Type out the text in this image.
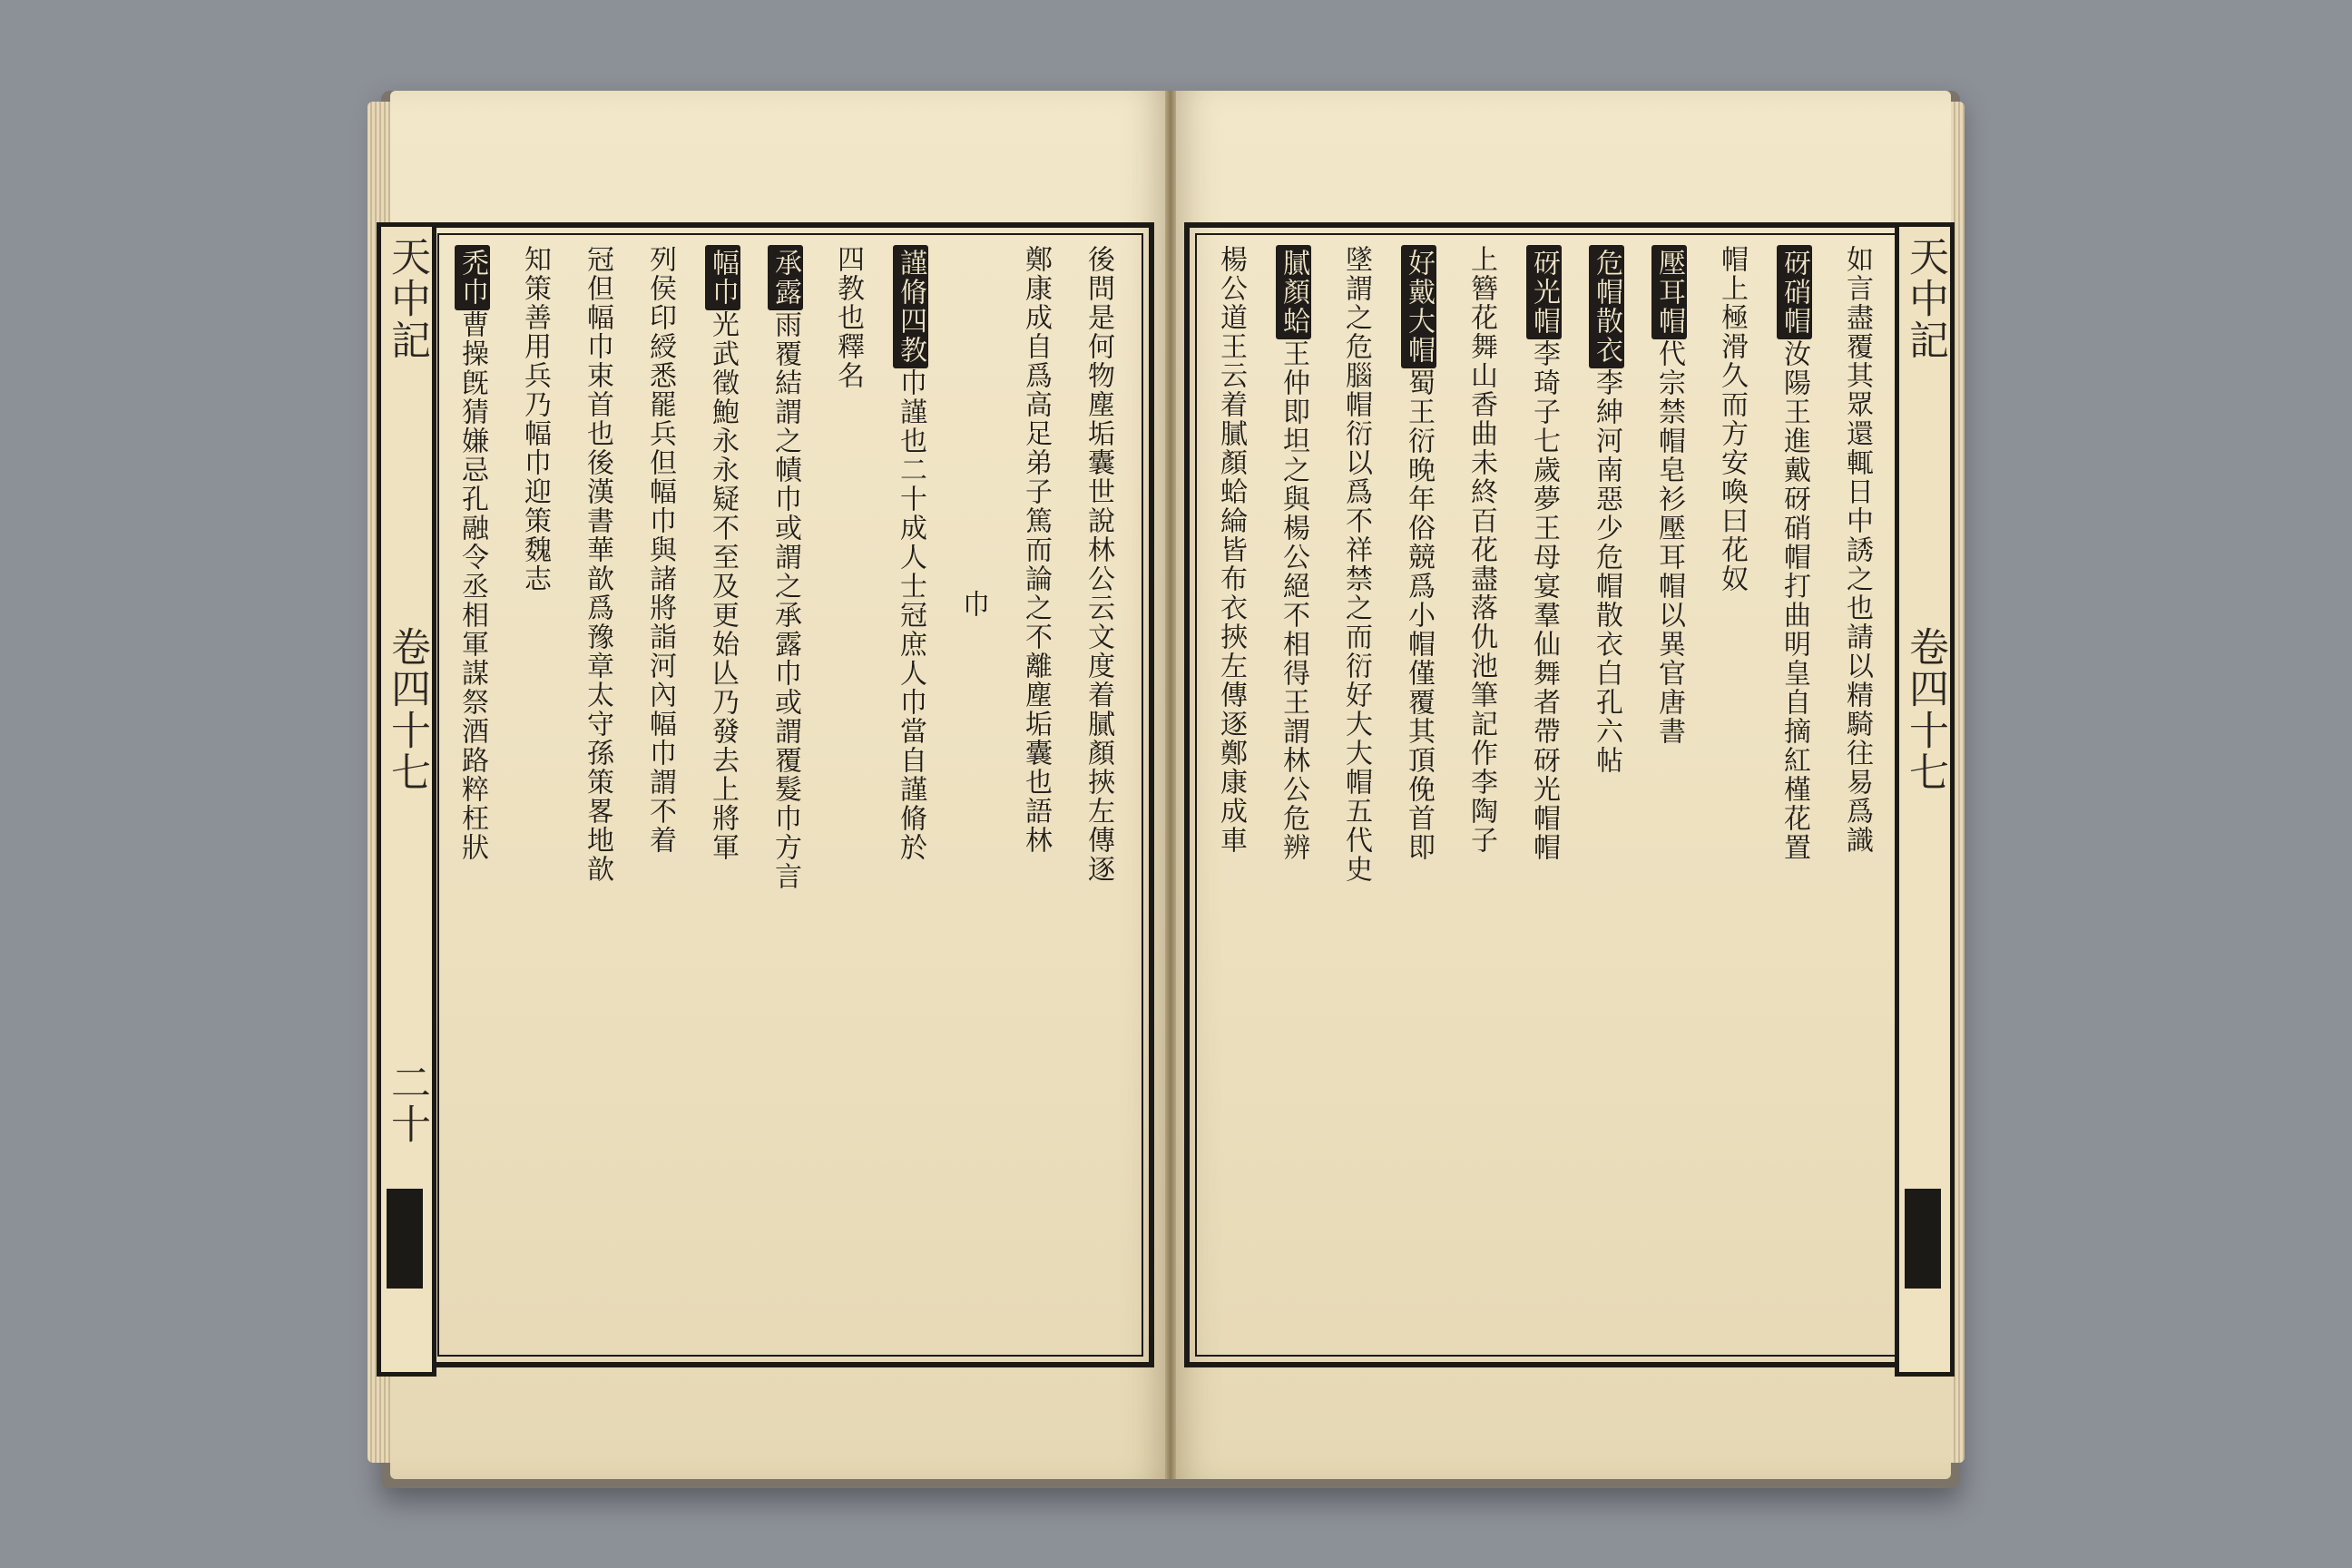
天中記
卷四十七
二十
天中記
卷四十七
後問是何物塵垢囊世說林公云文度着膩顏挾左傳逐
鄭康成自爲高足弟子篤而論之不離塵垢囊也語林
巾
謹脩四教巾謹也二十成人士冠庶人巾當自謹脩於
四教也釋名
承露雨覆結謂之幘巾或謂之承露巾或謂覆髮巾方言
幅巾光武徵鮑永永疑不至及更始亾乃發去上將軍
列侯印綬悉罷兵但幅巾與諸將詣河內幅巾謂不着
冠但幅巾束首也後漢書華歆爲豫章太守孫策畧地歆
知策善用兵乃幅巾迎策魏志
禿巾曹操旣猜嫌忌孔融令丞相軍謀祭酒路粹枉狀	如言盡覆其眾還輒日中誘之也請以精騎往易爲識
砑硝帽汝陽王進戴砑硝帽打曲明皇自摘紅槿花置
帽上極滑久而方安喚曰花奴
壓耳帽代宗禁帽皂衫壓耳帽以異官唐書
危帽散衣李紳河南惡少危帽散衣白孔六帖
砑光帽李琦子七歲夢王母宴羣仙舞者帶砑光帽帽
上簪花舞山香曲未終百花盡落仇池筆記作李陶子
好戴大帽蜀王衍晚年俗競爲小帽僅覆其頂俛首即
墜謂之危腦帽衍以爲不祥禁之而衍好大大帽五代史
膩顏蛤王仲即坦之與楊公絕不相得王謂林公危辨
楊公道王云着膩顏蛤綸皆布衣挾左傳逐鄭康成車
